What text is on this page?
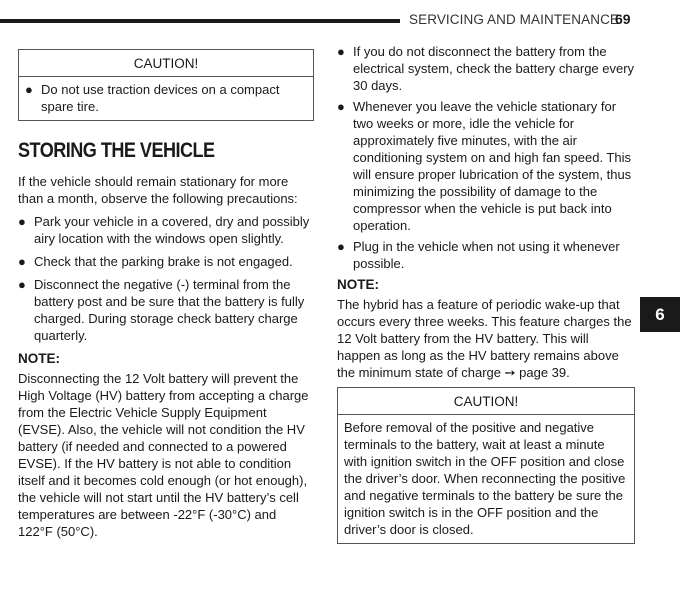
SERVICING AND MAINTENANCE
69
CAUTION!
● Do not use traction devices on a compact spare tire.
STORING THE VEHICLE

If the vehicle should remain stationary for more than a month, observe the following precautions:

● Park your vehicle in a covered, dry and possibly airy location with the windows open slightly.
● Check that the parking brake is not engaged.
● Disconnect the negative (-) terminal from the battery post and be sure that the battery is fully charged. During storage check battery charge quarterly.
NOTE:

Disconnecting the 12 Volt battery will prevent the High Voltage (HV) battery from accepting a charge from the Electric Vehicle Supply Equipment (EVSE). Also, the vehicle will not condition the HV battery (if needed and connected to a powered EVSE). If the HV battery is not able to condition itself and it becomes cold enough (or hot enough), the vehicle will not start until the HV battery’s cell temperatures are between -22°F (-30°C) and 122°F (50°C).

● If you do not disconnect the battery from the electrical system, check the battery charge every 30 days.
● Whenever you leave the vehicle stationary for two weeks or more, idle the vehicle for approximately five minutes, with the air conditioning system on and high fan speed. This will ensure proper lubrication of the system, thus minimizing the possibility of damage to the compressor when the vehicle is put back into operation.
● Plug in the vehicle when not using it whenever possible.
NOTE:

The hybrid has a feature of periodic wake-up that occurs every three weeks. This feature charges the 12 Volt battery from the HV battery. This will happen as long as the HV battery remains above the minimum state of charge ➙ page 39.

CAUTION!
Before removal of the positive and negative terminals to the battery, wait at least a minute with ignition switch in the OFF position and close the driver’s door. When reconnecting the positive and negative terminals to the battery be sure the ignition switch is in the OFF position and the driver’s door is closed.
6
